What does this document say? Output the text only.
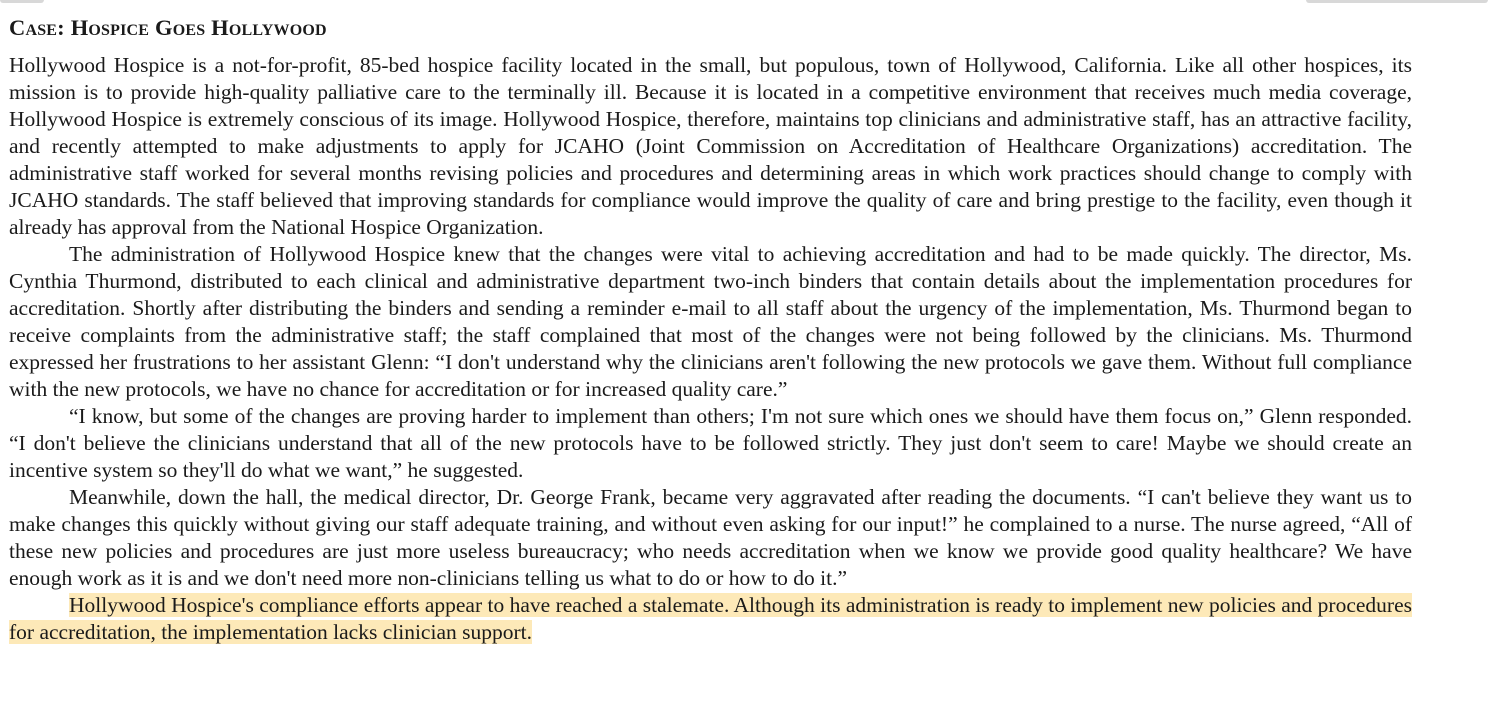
Case: Hospice Goes Hollywood

Hollywood Hospice is a not-for-profit, 85-bed hospice facility located in the small, but populous, town of Hollywood, California. Like all other hospices, its mission is to provide high-quality palliative care to the terminally ill. Because it is located in a competitive environment that receives much media coverage, Hollywood Hospice is extremely conscious of its image. Hollywood Hospice, therefore, maintains top clinicians and administrative staff, has an attractive facility, and recently attempted to make adjustments to apply for JCAHO (Joint Commission on Accreditation of Healthcare Organizations) accreditation. The administrative staff worked for several months revising policies and procedures and determining areas in which work practices should change to comply with JCAHO standards. The staff believed that improving standards for compliance would improve the quality of care and bring prestige to the facility, even though it already has approval from the National Hospice Organization.

The administration of Hollywood Hospice knew that the changes were vital to achieving accreditation and had to be made quickly. The director, Ms. Cynthia Thurmond, distributed to each clinical and administrative department two-inch binders that contain details about the implementation procedures for accreditation. Shortly after distributing the binders and sending a reminder e-mail to all staff about the urgency of the implementation, Ms. Thurmond began to receive complaints from the administrative staff; the staff complained that most of the changes were not being followed by the clinicians. Ms. Thurmond expressed her frustrations to her assistant Glenn: “I don't understand why the clinicians aren't following the new protocols we gave them. Without full compliance with the new protocols, we have no chance for accreditation or for increased quality care.”

“I know, but some of the changes are proving harder to implement than others; I'm not sure which ones we should have them focus on,” Glenn responded. “I don't believe the clinicians understand that all of the new protocols have to be followed strictly. They just don't seem to care! Maybe we should create an incentive system so they'll do what we want,” he suggested.

Meanwhile, down the hall, the medical director, Dr. George Frank, became very aggravated after reading the documents. “I can't believe they want us to make changes this quickly without giving our staff adequate training, and without even asking for our input!” he complained to a nurse. The nurse agreed, “All of these new policies and procedures are just more useless bureaucracy; who needs accreditation when we know we provide good quality healthcare? We have enough work as it is and we don't need more non-clinicians telling us what to do or how to do it.”

Hollywood Hospice's compliance efforts appear to have reached a stalemate. Although its administration is ready to implement new policies and procedures for accreditation, the implementation lacks clinician support.
